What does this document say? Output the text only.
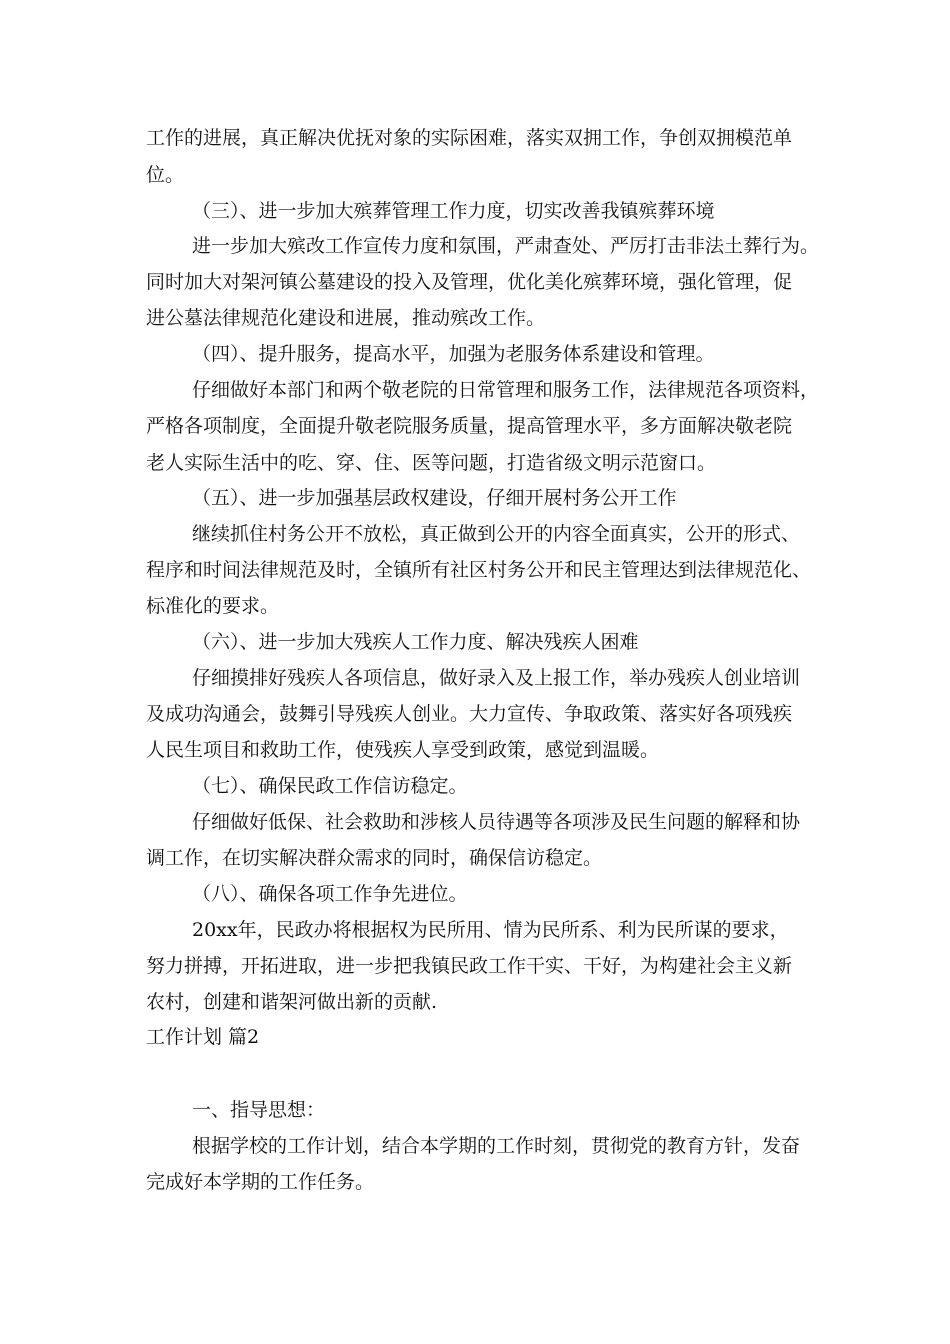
工作的进展，真正解决优抚对象的实际困难，落实双拥工作，争创双拥模范单
位。
（三）、进一步加大殡葬管理工作力度，切实改善我镇殡葬环境
进一步加大殡改工作宣传力度和氛围，严肃查处、严厉打击非法土葬行为。
同时加大对架河镇公墓建设的投入及管理，优化美化殡葬环境，强化管理，促
进公墓法律规范化建设和进展，推动殡改工作。
（四）、提升服务，提高水平，加强为老服务体系建设和管理。
仔细做好本部门和两个敬老院的日常管理和服务工作，法律规范各项资料，
严格各项制度，全面提升敬老院服务质量，提高管理水平，多方面解决敬老院
老人实际生活中的吃、穿、住、医等问题，打造省级文明示范窗口。
（五）、进一步加强基层政权建设，仔细开展村务公开工作
继续抓住村务公开不放松，真正做到公开的内容全面真实，公开的形式、
程序和时间法律规范及时，全镇所有社区村务公开和民主管理达到法律规范化、
标准化的要求。
（六）、进一步加大残疾人工作力度、解决残疾人困难
仔细摸排好残疾人各项信息，做好录入及上报工作，举办残疾人创业培训
及成功沟通会，鼓舞引导残疾人创业。大力宣传、争取政策、落实好各项残疾
人民生项目和救助工作，使残疾人享受到政策，感觉到温暖。
（七）、确保民政工作信访稳定。
仔细做好低保、社会救助和涉核人员待遇等各项涉及民生问题的解释和协
调工作，在切实解决群众需求的同时，确保信访稳定。
（八）、确保各项工作争先进位。
20xx年，民政办将根据权为民所用、情为民所系、利为民所谋的要求，
努力拼搏，开拓进取，进一步把我镇民政工作干实、干好，为构建社会主义新
农村，创建和谐架河做出新的贡献.
工作计划 篇2
一、指导思想：
根据学校的工作计划，结合本学期的工作时刻，贯彻党的教育方针，发奋
完成好本学期的工作任务。
